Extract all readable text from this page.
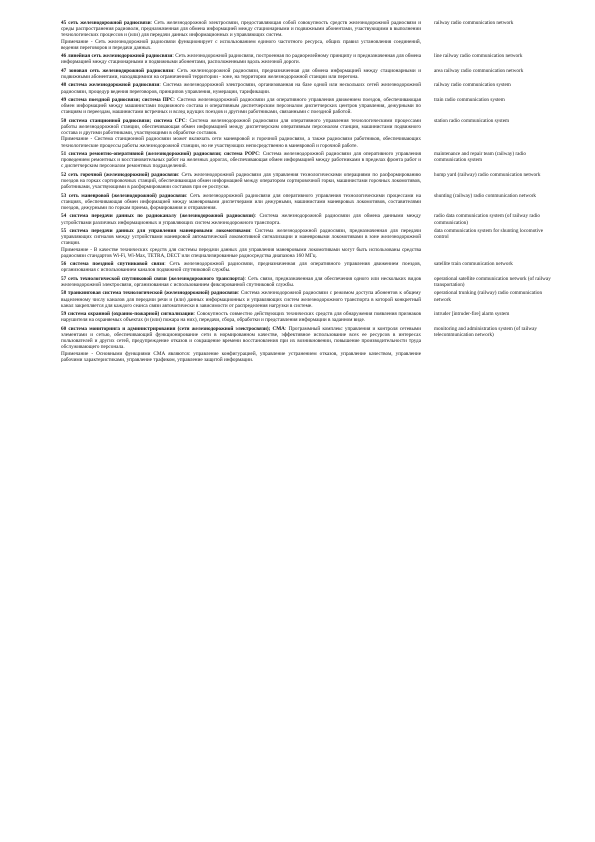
45 сеть железнодорожной радиосвязи: Сеть железнодорожной электросвязи, предоставляющая собой совокупность средств железнодорожной радиосвязи и среды распространения радиоволн, предназначенная для обмена информацией между стационарными и подвижными абонентами, участвующими в выполнении технологических процессов и (или) для передачи данных информационных и управляющих систем.

Примечание - Сеть железнодорожной радиосвязи функционирует с использованием единого частотного ресурса, общих правил установления соединений, ведения переговоров и передачи данных.

railway radio communication network

46 линейная сеть железнодорожной радиосвязи: Сеть железнодорожной радиосвязи, построенная по радиорелейному принципу и предназначенная для обмена информацией между стационарными и подвижными абонентами, расположенными вдоль железной дороги.

line railway radio communication network

47 зоновая сеть железнодорожной радиосвязи: Сеть железнодорожной радиосвязи, предназначенная для обмена информацией между стационарными и подвижными абонентами, находящимися на ограниченной территории - зоне, на территории железнодорожной станции или перегона.

area railway radio communication network

48 система железнодорожной радиосвязи: Система железнодорожной электросвязи, организованная на базе одной или нескольких сетей железнодорожной радиосвязи, процедур ведения переговоров, принципов управления, нумерации, тарификации.

railway radio communication system

49 система поездной радиосвязи; система ПРС: Система железнодорожной радиосвязи для оперативного управления движением поездов, обеспечивающая обмен информацией между машинистами подвижного состава и оперативным диспетчерским персоналом диспетчерских центров управления, дежурными по станциям и переездам, машинистами встречных и вслед идущих поездов и другими работниками, связанными с поездной работой.

train radio communication system

50 система станционной радиосвязи; система СРС: Система железнодорожной радиосвязи для оперативного управления технологическими процессами работы железнодорожной станции, обеспечивающая обмен информацией между диспетчерским оперативным персоналом станции, машинистами подвижного состава и другими работниками, участвующими в обработке составов.

Примечание - Система станционной радиосвязи может включать сети маневровой и горочной радиосвязи, а также радиосвязи работников, обеспечивающих технологические процессы работы железнодорожной станции, но не участвующих непосредственно в маневровой и горочной работе.

station radio communication system

51 система ремонтно-оперативной (железнодорожной) радиосвязи; система РОРС: Система железнодорожной радиосвязи для оперативного управления проведением ремонтных и восстановительных работ на железных дорогах, обеспечивающая обмен информацией между работниками в пределах фронта работ и с диспетчерским персоналом ремонтных подразделений.

maintenance and repair team (railway) radio communication system

52 сеть горочной (железнодорожной) радиосвязи: Сеть железнодорожной радиосвязи для управления технологическими операциями по расформированию поездов на горках сортировочных станций, обеспечивающая обмен информацией между оператором сортировочной горки, машинистами горочных локомотивов, работниками, участвующими в расформировании составов при ее роспуске.

hump yard (railway) radio communication network

53 сеть маневровой (железнодорожной) радиосвязи: Сеть железнодорожной радиосвязи для оперативного управления технологическими процессами на станциях, обеспечивающая обмен информацией между маневровыми диспетчерами или дежурными, машинистами маневровых локомотивов, составителями поездов, дежурными по горкам приема, формирования и отправления.

shunting (railway) radio communication network

54 система передачи данных по радиоканалу (железнодорожной радиосвязи): Система железнодорожной радиосвязи для обмена данными между устройствами различных информационных и управляющих систем железнодорожного транспорта.

radio data communication system (of railway radio communication)

55 система передачи данных для управления маневровыми локомотивами: Система железнодорожной радиосвязи, предназначенная для передачи управляющих сигналов между устройствами маневровой автоматической локомотивной сигнализации и маневровыми локомотивами в зоне железнодорожной станции.

Примечание - В качестве технических средств для системы передачи данных для управления маневровыми локомотивами могут быть использованы средства радиосвязи стандартов Wi-Fi, Wi-Max, TETRA, DECT или специализированные радиосредства диапазона 160 МГц.

data communication system for shunting locomotive control

56 система поездной спутниковой связи: Сеть железнодорожной радиосвязи, предназначенная для оперативного управления движением поездов, организованная с использованием каналов подвижной спутниковой службы.

satellite train communication network

57 сеть технологической спутниковой связи (железнодорожного транспорта): Сеть связи, предназначенная для обеспечения одного или нескольких видов железнодорожной электросвязи, организованная с использованием фиксированной спутниковой службы.

operational satellite communication network (of railway transportation)

58 транкинговая система технологической (железнодорожной) радиосвязи: Система железнодорожной радиосвязи с режимом доступа абонентов к общему выделенному числу каналов для передачи речи и (или) данных информационных и управляющих систем железнодорожного транспорта в которой конкретный канал закрепляется для каждого сеанса связи автоматически в зависимости от распределения нагрузки в системе.

operational trunking (railway) radio communication network

59 система охранной (охранно-пожарной) сигнализации: Совокупность совместно действующих технических средств для обнаружения появления признаков нарушителя на охраняемых объектах (и (или) пожара на них), передачи, сбора, обработки и представления информации в заданном виде.

intruder [intruder-fire] alarm system

60 система мониторинга и администрирования (сети железнодорожной электросвязи); СМА: Программный комплекс управления и контроля сетевыми элементами и сетью, обеспечивающий функционирование сети в нормированном качестве, эффективное использование всех ее ресурсов в интересах пользователей и других сетей, предупреждение отказов и сокращение времени восстановления при их возникновении, повышение производительности труда обслуживающего персонала.

Примечание - Основными функциями СМА являются: управление конфигурацией, управление устранением отказов, управление качеством, управление рабочими характеристиками, управление трафиком, управление защитой информации.

monitoring and administration system (of railway telecommunication network)
